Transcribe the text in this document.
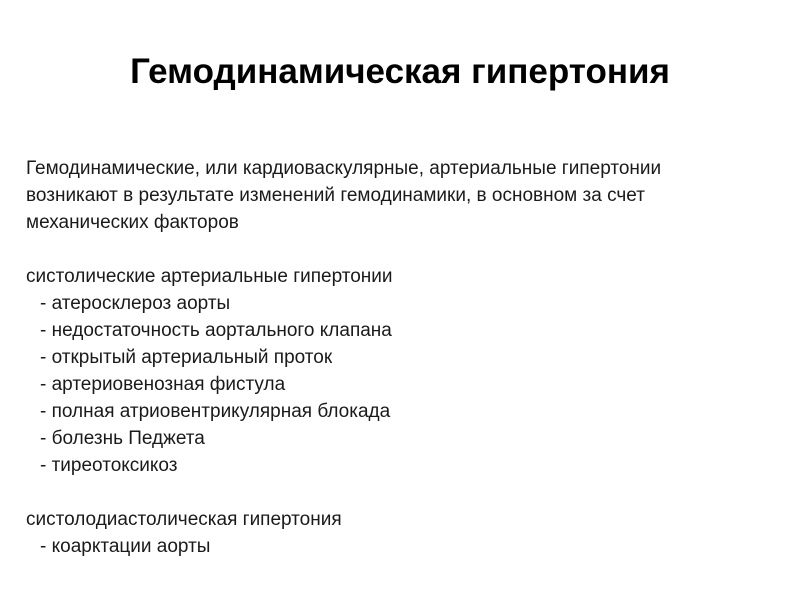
Гемодинамическая гипертония

Гемодинамические, или кардиоваскулярные, артериальные гипертонии
возникают в результате изменений гемодинамики, в основном за счет
механических факторов

систолические артериальные гипертонии
- атеросклероз аорты
- недостаточность аортального клапана
- открытый артериальный проток
- артериовенозная фистула
- полная атриовентрикулярная блокада
- болезнь Педжета
- тиреотоксикоз
систолодиастолическая гипертония
- коарктации аорты
